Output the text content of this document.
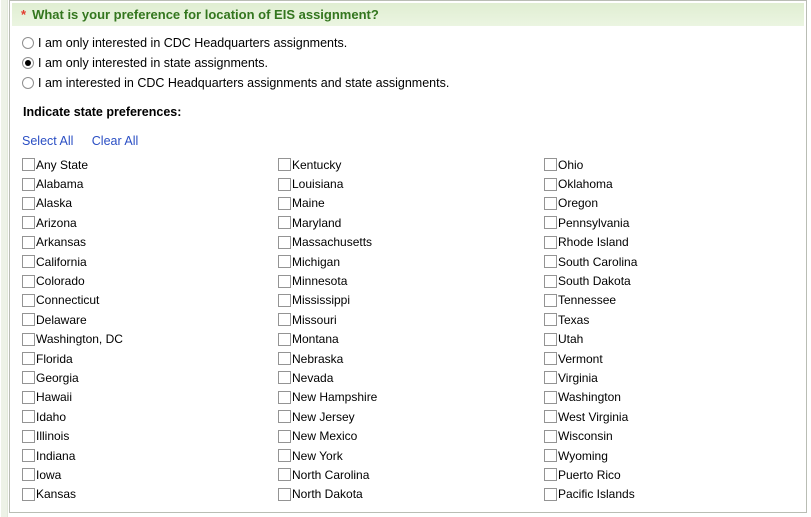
* What is your preference for location of EIS assignment?
I am only interested in CDC Headquarters assignments.
I am only interested in state assignments.
I am interested in CDC Headquarters assignments and state assignments.
Indicate state preferences:
Select All Clear All
Any State
Alabama
Alaska
Arizona
Arkansas
California
Colorado
Connecticut
Delaware
Washington, DC
Florida
Georgia
Hawaii
Idaho
Illinois
Indiana
Iowa
Kansas
Kentucky
Louisiana
Maine
Maryland
Massachusetts
Michigan
Minnesota
Mississippi
Missouri
Montana
Nebraska
Nevada
New Hampshire
New Jersey
New Mexico
New York
North Carolina
North Dakota
Ohio
Oklahoma
Oregon
Pennsylvania
Rhode Island
South Carolina
South Dakota
Tennessee
Texas
Utah
Vermont
Virginia
Washington
West Virginia
Wisconsin
Wyoming
Puerto Rico
Pacific Islands
